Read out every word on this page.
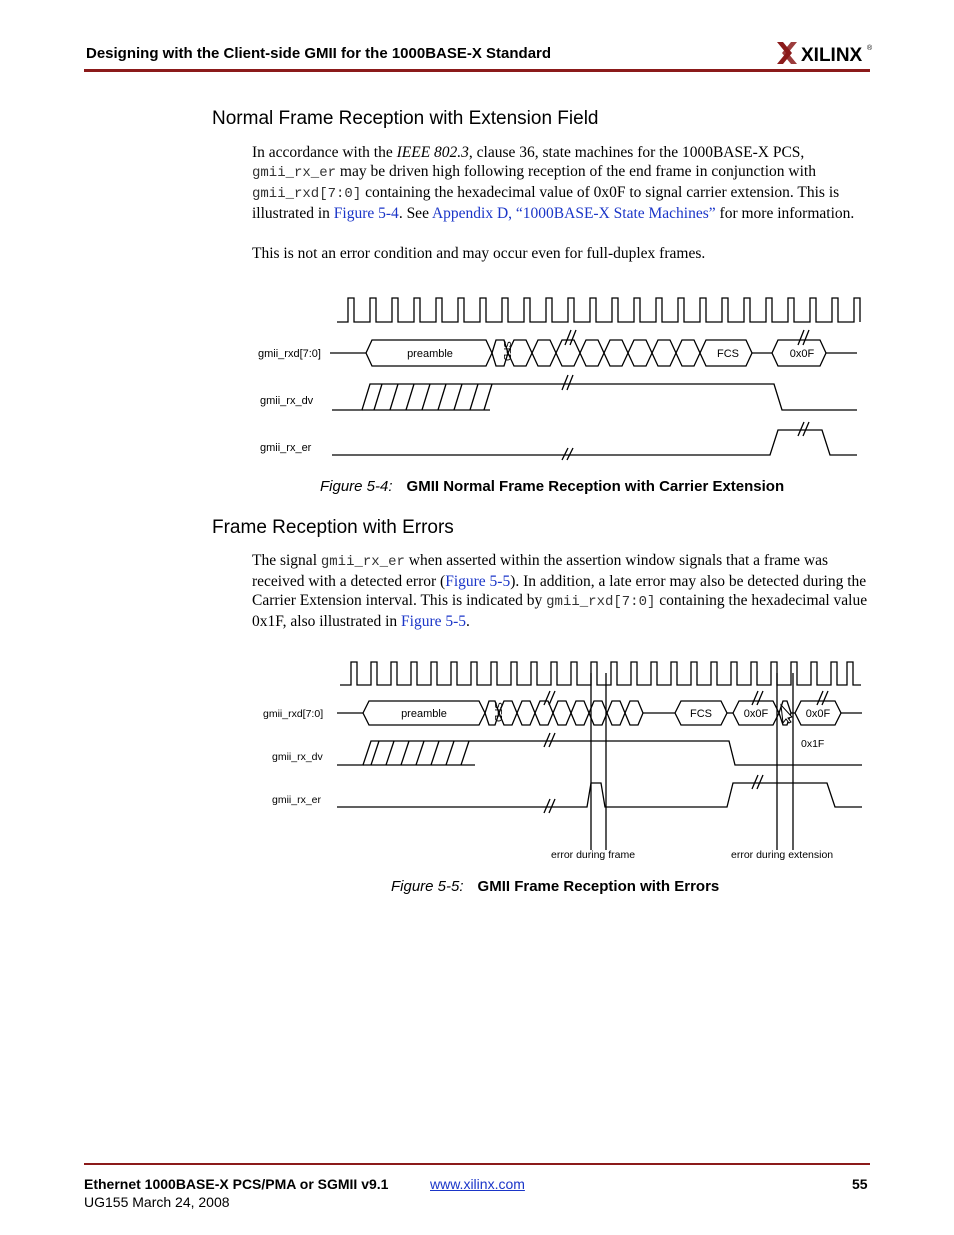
Designing with the Client-side GMII for the 1000BASE-X Standard	XILINX ®
Normal Frame Reception with Extension Field

In accordance with the IEEE 802.3, clause 36, state machines for the 1000BASE-X PCS, gmii_rx_er may be driven high following reception of the end frame in conjunction with gmii_rxd[7:0] containing the hexadecimal value of 0x0F to signal carrier extension. This is illustrated in Figure 5-4. See Appendix D, “1000BASE-X State Machines” for more information.

This is not an error condition and may occur even for full-duplex frames.
gmii_rxd[7:0]
gmii_rx_dv
gmii_rx_er
preamble	SFD	FCS	0x0F
Figure 5-4: GMII Normal Frame Reception with Carrier Extension
Frame Reception with Errors

The signal gmii_rx_er when asserted within the assertion window signals that a frame was received with a detected error (Figure 5-5). In addition, a late error may also be detected during the Carrier Extension interval. This is indicated by gmii_rxd[7:0] containing the hexadecimal value 0x1F, also illustrated in Figure 5-5.

gmii_rxd[7:0]
gmii_rx_dv
gmii_rx_er
preamble	SFD	FCS	0x0F	0x0F
0x1F
error during frame	error during extension
Figure 5-5: GMII Frame Reception with Errors
Ethernet 1000BASE-X PCS/PMA or SGMII v9.1
UG155 March 24, 2008
www.xilinx.com	55
